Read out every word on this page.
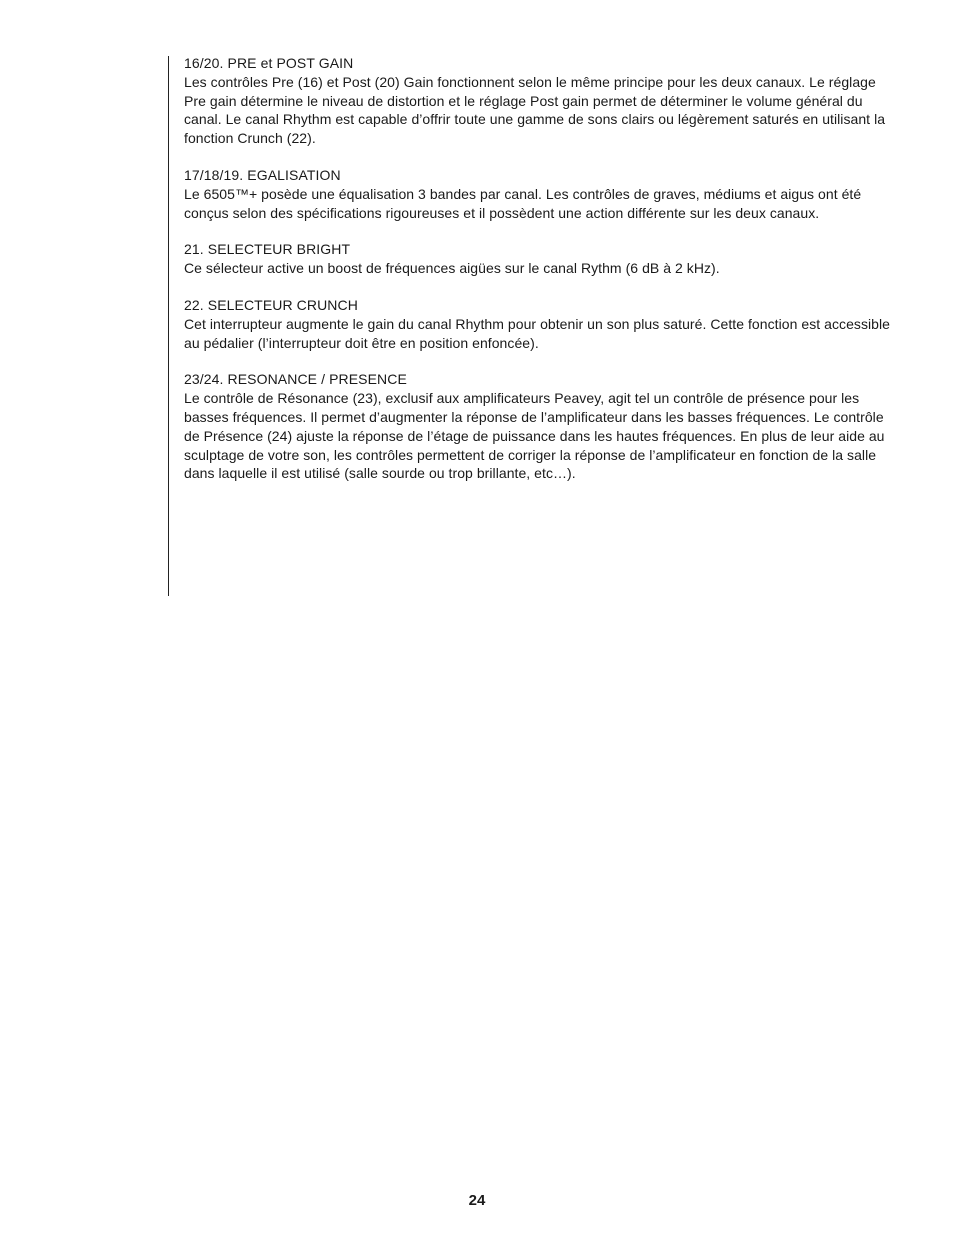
16/20. PRE et POST GAIN

Les contrôles Pre (16) et Post (20) Gain fonctionnent selon le même principe pour les deux canaux. Le réglage Pre gain détermine le niveau de distortion et le réglage Post gain permet de déterminer le volume général du canal. Le canal Rhythm est capable d’offrir toute une gamme de sons clairs ou légèrement saturés en utilisant la fonction Crunch (22).

17/18/19. EGALISATION

Le 6505™+ posède une équalisation 3 bandes par canal. Les contrôles de graves, médiums et aigus ont été conçus selon des spécifications rigoureuses et il possèdent une action différente sur les deux canaux.

21. SELECTEUR BRIGHT

Ce sélecteur active un boost de fréquences aigües sur le canal Rythm (6 dB à 2 kHz).

22. SELECTEUR CRUNCH

Cet interrupteur augmente le gain du canal Rhythm pour obtenir un son plus saturé. Cette fonction est accessible au pédalier (l’interrupteur doit être en position enfoncée).

23/24. RESONANCE / PRESENCE

Le contrôle de Résonance (23), exclusif aux amplificateurs Peavey, agit tel un contrôle de présence pour les basses fréquences. Il permet d’augmenter la réponse de l’amplificateur dans les basses fréquences. Le contrôle de Présence (24) ajuste la réponse de l’étage de puissance dans les hautes fréquences. En plus de leur aide au sculptage de votre son, les contrôles permettent de corriger la réponse de l’amplificateur en fonction de la salle dans laquelle il est utilisé (salle sourde ou trop brillante, etc…).

24
